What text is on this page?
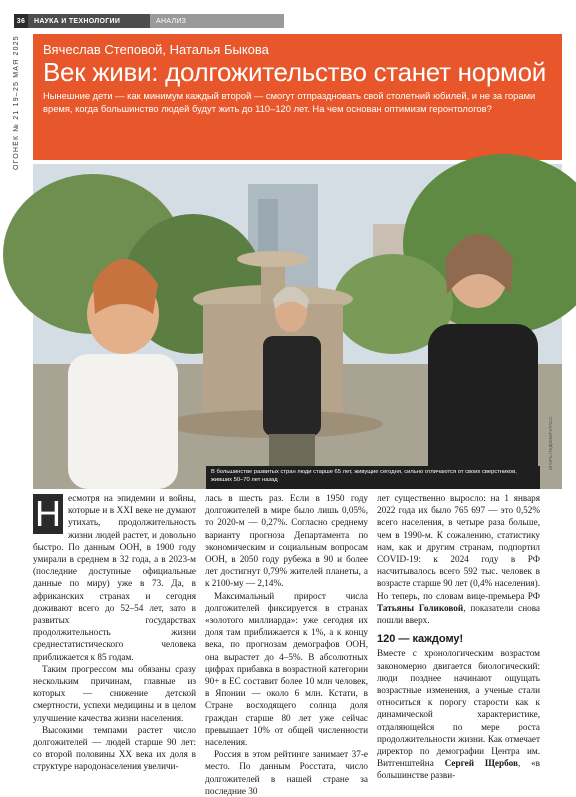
36	НАУКА И ТЕХНОЛОГИИ	АНАЛИЗ
ОГОНЁК № 21 19–25 МАЯ 2025 Вячеслав Степовой, Наталья Быкова
Век живи: долгожительство станет нормой
Нынешние дети — как минимум каждый второй — смогут отпраздновать свой столетний юбилей, и не за горами время, когда большинство людей будут жить до 110–120 лет. На чем основан оптимизм геронтологов?
В большинстве развитых стран люди старше 65 лет, живущие сегодня, сильно отличаются от своих сверстников, живших 50–70 лет назад
ИГОРЬ ПЕДКЕВИЧ/ТАСС
Н есмотря на эпидемии и войны, которые и в XXI веке не думают утихать, продолжительность жизни людей растет, и довольно быстро. По данным ООН, в 1900 году умирали в среднем в 32 года, а в 2023-м (последние доступные официальные данные по миру) уже в 73. Да, в африканских странах и сегодня доживают всего до 52–54 лет, зато в развитых государствах продолжительность жизни среднестатистического человека приближается к 85 годам.

Таким прогрессом мы обязаны сразу нескольким причинам, главные из которых — снижение детской смертности, успехи медицины и в целом улучшение качества жизни населения.

Высокими темпами растет число долгожителей — людей старше 90 лет: со второй половины XX века их доля в структуре народонаселения увеличи-

лась в шесть раз. Если в 1950 году долгожителей в мире было лишь 0,05%, то 2020-м — 0,27%. Согласно среднему варианту прогноза Департамента по экономическим и социальным вопросам ООН, в 2050 году рубежа в 90 и более лет достигнут 0,79% жителей планеты, а к 2100-му — 2,14%.

Максимальный прирост числа долгожителей фиксируется в странах «золотого миллиарда»: уже сегодня их доля там приближается к 1%, а к концу века, по прогнозам демографов ООН, она вырастет до 4–5%. В абсолютных цифрах прибавка в возрастной категории 90+ в ЕС составит более 10 млн человек, в Японии — около 6 млн. Кстати, в Стране восходящего солнца доля граждан старше 80 лет уже сейчас превышает 10% от общей численности населения.

Россия в этом рейтинге занимает 37-е место. По данным Росстата, число долгожителей в нашей стране за последние 30

лет существенно выросло: на 1 января 2022 года их было 765 697 — это 0,52% всего населения, в четыре раза больше, чем в 1990-м. К сожалению, статистику нам, как и другим странам, подпортил COVID-19: к 2024 году в РФ насчитывалось всего 592 тыс. человек в возрасте старше 90 лет (0,4% населения). Но теперь, по словам вице-премьера РФ Татьяны Голиковой, показатели снова пошли вверх.

120 — каждому!

Вместе с хронологическим возрастом закономерно двигается биологический: люди позднее начинают ощущать возрастные изменения, а ученые стали относиться к порогу старости как к динамической характеристике, отдаляющейся по мере роста продолжительности жизни. Как отмечает директор по демографии Центра им. Витгенштейна Сергей Щербов, «в большинстве разви-
